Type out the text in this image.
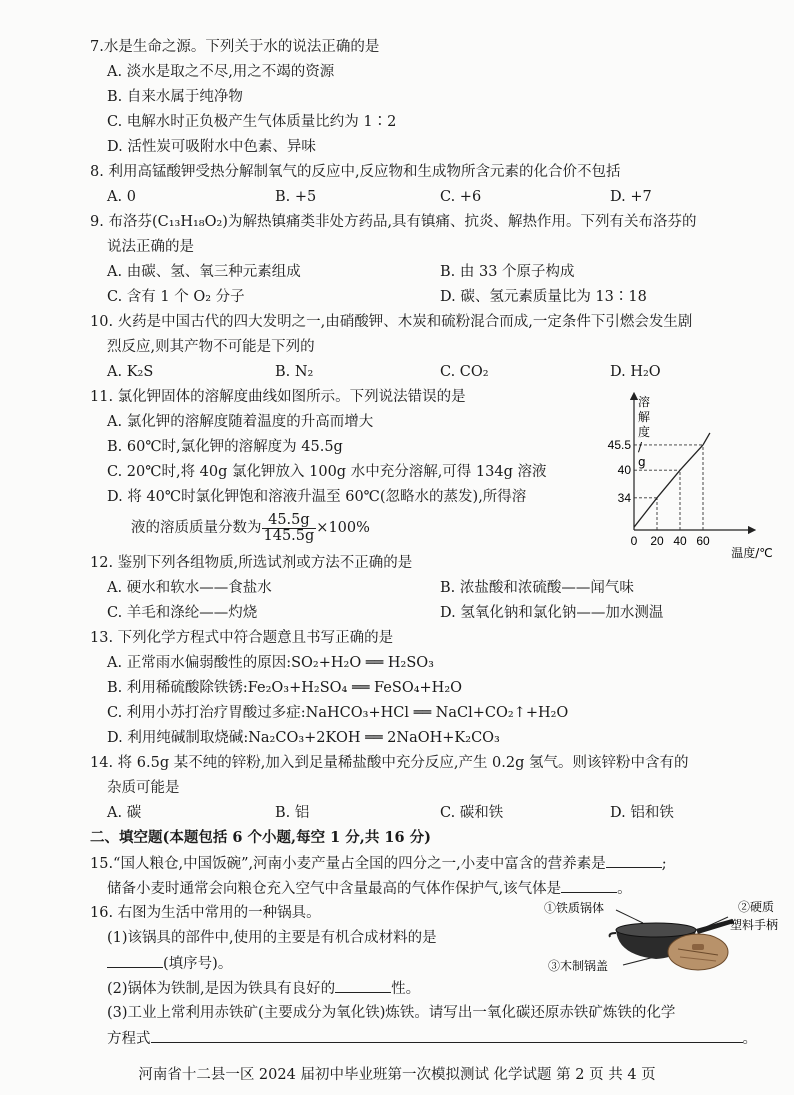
7.水是生命之源。下列关于水的说法正确的是
A. 淡水是取之不尽,用之不竭的资源
B. 自来水属于纯净物
C. 电解水时正负极产生气体质量比约为 1∶2
D. 活性炭可吸附水中色素、异味
8. 利用高锰酸钾受热分解制氧气的反应中,反应物和生成物所含元素的化合价不包括
A. 0	B. +5	C. +6	D. +7
9. 布洛芬(C₁₃H₁₈O₂)为解热镇痛类非处方药品,具有镇痛、抗炎、解热作用。下列有关布洛芬的
说法正确的是
A. 由碳、氢、氧三种元素组成	B. 由 33 个原子构成
C. 含有 1 个 O₂ 分子	D. 碳、氢元素质量比为 13∶18
10. 火药是中国古代的四大发明之一,由硝酸钾、木炭和硫粉混合而成,一定条件下引燃会发生剧
烈反应,则其产物不可能是下列的
A. K₂S	B. N₂	C. CO₂	D. H₂O
11. 氯化钾固体的溶解度曲线如图所示。下列说法错误的是
A. 氯化钾的溶解度随着温度的升高而增大
B. 60℃时,氯化钾的溶解度为 45.5g
C. 20℃时,将 40g 氯化钾放入 100g 水中充分溶解,可得 134g 溶液
D. 将 40℃时氯化钾饱和溶液升温至 60℃(忽略水的蒸发),所得溶
液的溶质质量分数为 $\frac{45.5g}{145.5g} \times 100\%$
0 20 40 60
34
40
45.5
溶
解
度
/
g
温度/℃
12. 鉴别下列各组物质,所选试剂或方法不正确的是
A. 硬水和软水——食盐水	B. 浓盐酸和浓硫酸——闻气味
C. 羊毛和涤纶——灼烧	D. 氢氧化钠和氯化钠——加水测温
13. 下列化学方程式中符合题意且书写正确的是
A. 正常雨水偏弱酸性的原因:SO₂+H₂O ══ H₂SO₃
B. 利用稀硫酸除铁锈:Fe₂O₃+H₂SO₄ ══ FeSO₄+H₂O
C. 利用小苏打治疗胃酸过多症:NaHCO₃+HCl ══ NaCl+CO₂↑+H₂O
D. 利用纯碱制取烧碱:Na₂CO₃+2KOH ══ 2NaOH+K₂CO₃
14. 将 6.5g 某不纯的锌粉,加入到足量稀盐酸中充分反应,产生 0.2g 氢气。则该锌粉中含有的
杂质可能是
A. 碳	B. 铝	C. 碳和铁	D. 铝和铁
二、填空题(本题包括 6 个小题,每空 1 分,共 16 分)
15.“国人粮仓,中国饭碗”,河南小麦产量占全国的四分之一,小麦中富含的营养素是	;
储备小麦时通常会向粮仓充入空气中含量最高的气体作保护气,该气体是	。
16. 右图为生活中常用的一种锅具。
(1)该锅具的部件中,使用的主要是有机合成材料的是
(填序号)。
(2)锅体为铁制,是因为铁具有良好的	性。
(3)工业上常利用赤铁矿(主要成分为氧化铁)炼铁。请写出一氧化碳还原赤铁矿炼铁的化学
方程式	。
①铁质锅体	②硬质
塑料手柄
③木制锅盖
河南省十二县一区 2024 届初中毕业班第一次模拟测试 化学试题 第 2 页 共 4 页
